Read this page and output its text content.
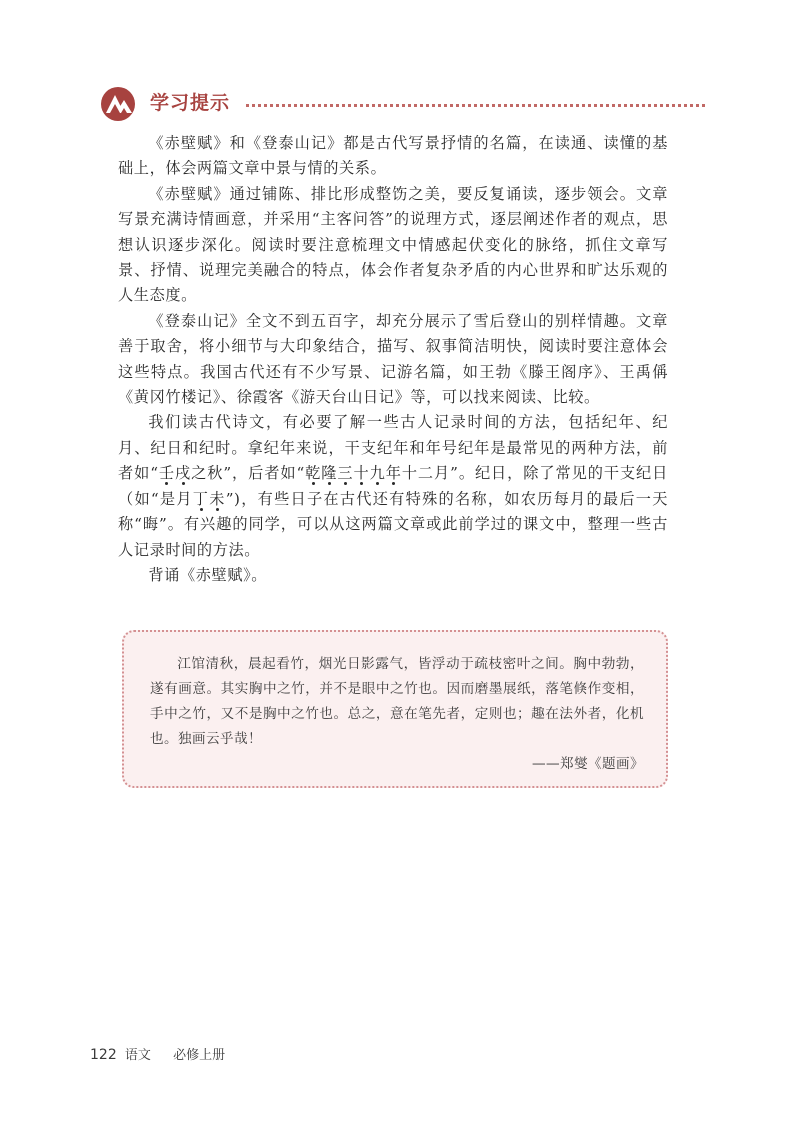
学习提示

《赤壁赋》和《登泰山记》都是古代写景抒情的名篇，在读通、读懂的基础上，体会两篇文章中景与情的关系。

《赤壁赋》通过铺陈、排比形成整饬之美，要反复诵读，逐步领会。文章写景充满诗情画意，并采用“主客问答”的说理方式，逐层阐述作者的观点，思想认识逐步深化。阅读时要注意梳理文中情感起伏变化的脉络，抓住文章写景、抒情、说理完美融合的特点，体会作者复杂矛盾的内心世界和旷达乐观的人生态度。

《登泰山记》全文不到五百字，却充分展示了雪后登山的别样情趣。文章善于取舍，将小细节与大印象结合，描写、叙事简洁明快，阅读时要注意体会这些特点。我国古代还有不少写景、记游名篇，如王勃《滕王阁序》、王禹偁《黄冈竹楼记》、徐霞客《游天台山日记》等，可以找来阅读、比较。

我们读古代诗文，有必要了解一些古人记录时间的方法，包括纪年、纪月、纪日和纪时。拿纪年来说，干支纪年和年号纪年是最常见的两种方法，前者如“壬戌之秋”，后者如“乾隆三十九年十二月”。纪日，除了常见的干支纪日（如“是月丁未”)，有些日子在古代还有特殊的名称，如农历每月的最后一天称“晦”。有兴趣的同学，可以从这两篇文章或此前学过的课文中，整理一些古人记录时间的方法。

背诵《赤壁赋》。

江馆清秋，晨起看竹，烟光日影露气，皆浮动于疏枝密叶之间。胸中勃勃，遂有画意。其实胸中之竹，并不是眼中之竹也。因而磨墨展纸，落笔倏作变相，手中之竹，又不是胸中之竹也。总之，意在笔先者，定则也；趣在法外者，化机也。独画云乎哉！

——郑燮《题画》

122 语文 必修上册
